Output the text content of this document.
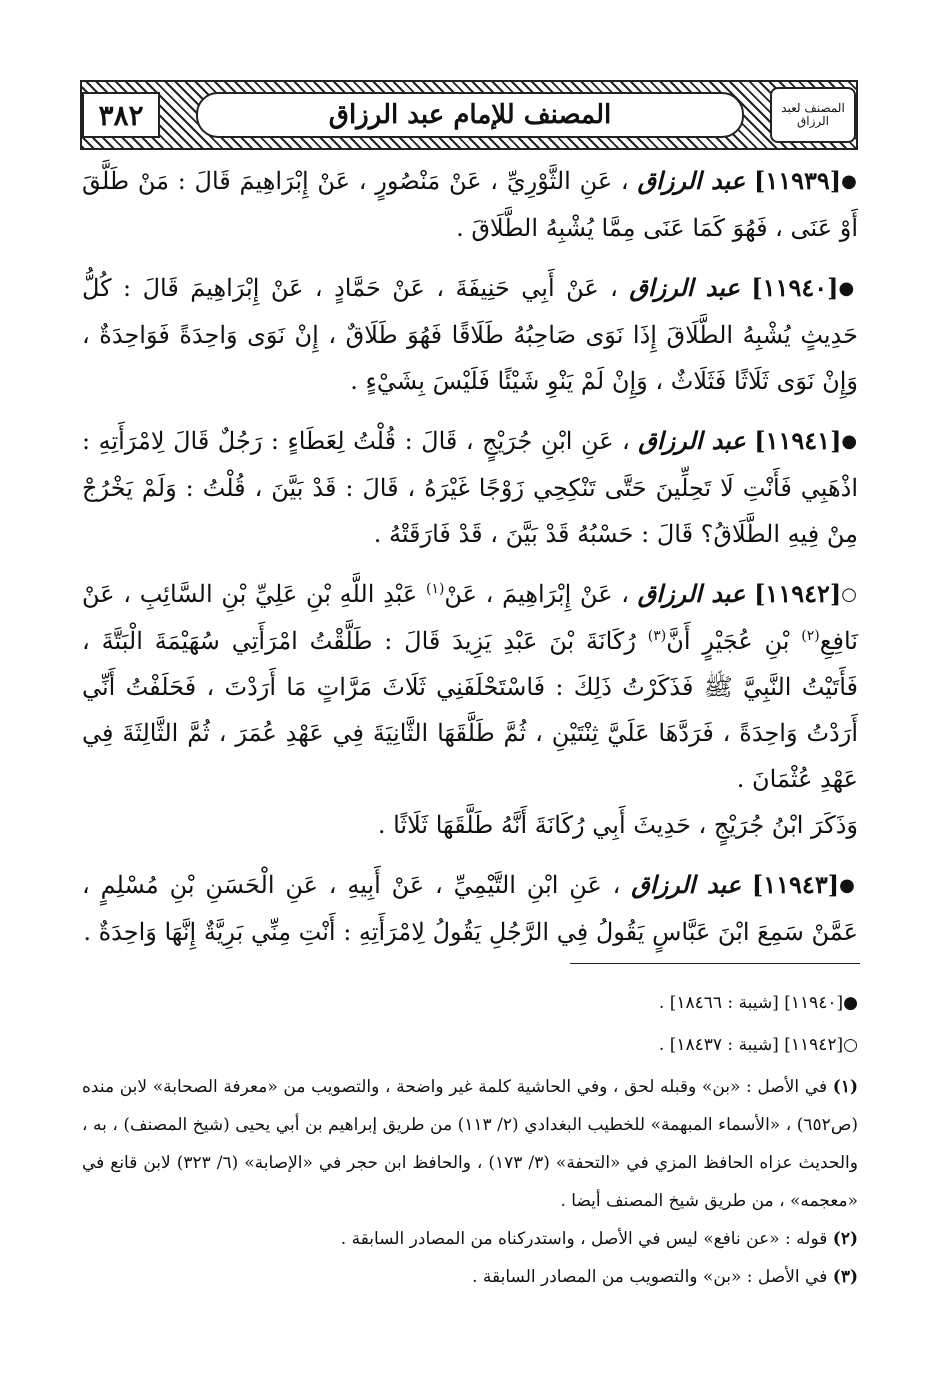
٣٨٢	المصنف للإمام عبد الرزاق	المصنف لعبد الرزاق

●[١١٩٣٩] عبد الرزاق ، عَنِ الثَّوْرِيِّ ، عَنْ مَنْصُورٍ ، عَنْ إِبْرَاهِيمَ قَالَ : مَنْ طَلَّقَ أَوْ عَنَى ، فَهُوَ كَمَا عَنَى مِمَّا يُشْبِهُ الطَّلَاقَ .

●[١١٩٤٠] عبد الرزاق ، عَنْ أَبِي حَنِيفَةَ ، عَنْ حَمَّادٍ ، عَنْ إِبْرَاهِيمَ قَالَ : كُلُّ حَدِيثٍ يُشْبِهُ الطَّلَاقَ إِذَا نَوَى صَاحِبُهُ طَلَاقًا فَهُوَ طَلَاقٌ ، إِنْ نَوَى وَاحِدَةً فَوَاحِدَةٌ ، وَإِنْ نَوَى ثَلَاثًا فَثَلَاثٌ ، وَإِنْ لَمْ يَنْوِ شَيْئًا فَلَيْسَ بِشَيْءٍ .

●[١١٩٤١] عبد الرزاق ، عَنِ ابْنِ جُرَيْجٍ ، قَالَ : قُلْتُ لِعَطَاءٍ : رَجُلٌ قَالَ لِامْرَأَتِهِ : اذْهَبِي فَأَنْتِ لَا تَحِلِّينَ حَتَّى تَنْكِحِي زَوْجًا غَيْرَهُ ، قَالَ : قَدْ بَيَّنَ ، قُلْتُ : وَلَمْ يَخْرُجْ مِنْ فِيهِ الطَّلَاقُ؟ قَالَ : حَسْبُهُ قَدْ بَيَّنَ ، قَدْ فَارَقَتْهُ .

○[١١٩٤٢] عبد الرزاق ، عَنْ إِبْرَاهِيمَ ، عَنْ$^{(١)}$ عَبْدِ اللَّهِ بْنِ عَلِيِّ بْنِ السَّائِبِ ، عَنْ نَافِعِ$^{(٢)}$ بْنِ عُجَيْرٍ أَنَّ$^{(٣)}$ رُكَانَةَ بْنَ عَبْدِ يَزِيدَ قَالَ : طَلَّقْتُ امْرَأَتِي سُهَيْمَةَ الْبَتَّةَ ، فَأَتَيْتُ النَّبِيَّ ﷺ فَذَكَرْتُ ذَلِكَ : فَاسْتَحْلَفَنِي ثَلَاثَ مَرَّاتٍ مَا أَرَدْتَ ، فَحَلَفْتُ أَنِّي أَرَدْتُ وَاحِدَةً ، فَرَدَّهَا عَلَيَّ ثِنْتَيْنِ ، ثُمَّ طَلَّقَهَا الثَّانِيَةَ فِي عَهْدِ عُمَرَ ، ثُمَّ الثَّالِثَةَ فِي عَهْدِ عُثْمَانَ .
وَذَكَرَ ابْنُ جُرَيْجٍ ، حَدِيثَ أَبِي رُكَانَةَ أَنَّهُ طَلَّقَهَا ثَلَاثًا .

●[١١٩٤٣] عبد الرزاق ، عَنِ ابْنِ التَّيْمِيِّ ، عَنْ أَبِيهِ ، عَنِ الْحَسَنِ بْنِ مُسْلِمٍ ، عَمَّنْ سَمِعَ ابْنَ عَبَّاسٍ يَقُولُ فِي الرَّجُلِ يَقُولُ لِامْرَأَتِهِ : أَنْتِ مِنِّي بَرِيَّةٌ إِنَّهَا وَاحِدَةٌ .

●[١١٩٤٠] [شيبة : ١٨٤٦٦] .

○[١١٩٤٢] [شيبة : ١٨٤٣٧] .

(١) في الأصل : «بن» وقبله لحق ، وفي الحاشية كلمة غير واضحة ، والتصويب من «معرفة الصحابة» لابن منده (ص٦٥٢) ، «الأسماء المبهمة» للخطيب البغدادي (٢/ ١١٣) من طريق إبراهيم بن أبي يحيى (شيخ المصنف) ، به ، والحديث عزاه الحافظ المزي في «التحفة» (٣/ ١٧٣) ، والحافظ ابن حجر في «الإصابة» (٦/ ٣٢٣) لابن قانع في «معجمه» ، من طريق شيخ المصنف أيضا .

(٢) قوله : «عن نافع» ليس في الأصل ، واستدركناه من المصادر السابقة .

(٣) في الأصل : «بن» والتصويب من المصادر السابقة .
